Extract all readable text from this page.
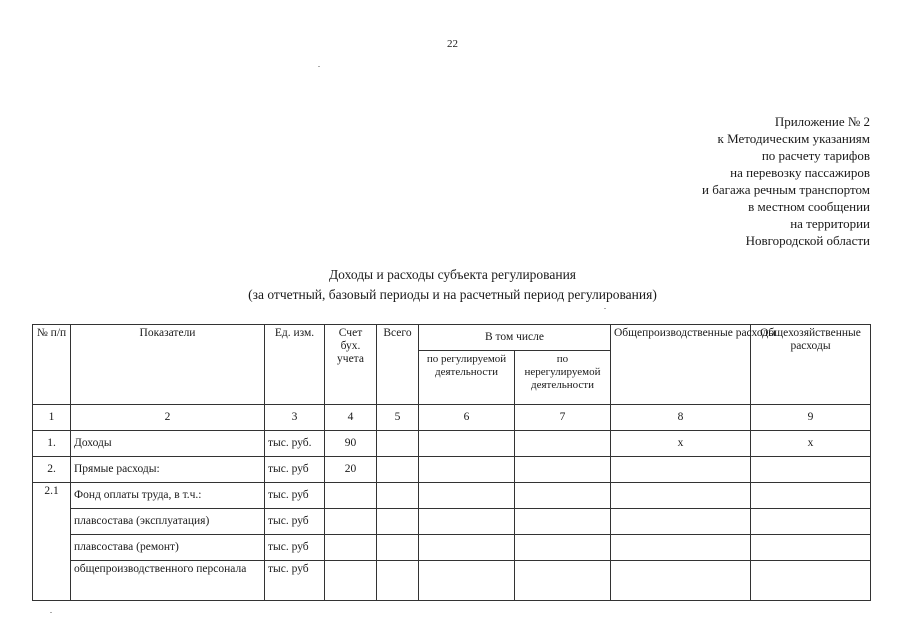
22
Приложение № 2
к Методическим указаниям
по расчету тарифов
на перевозку пассажиров
и багажа речным транспортом
в местном сообщении
на территории
Новгородской области
Доходы и расходы субъекта регулирования
(за отчетный, базовый периоды и на расчетный период регулирования)
№ п/п	Показатели	Ед. изм.	Счет бух. учета	Всего	В том числе		Общепроизводственные расходы	Общехозяйственные расходы
					по регулируемой деятельности	по нерегулируемой деятельности		
1	2	3	4	5	6	7	8	9
1.	Доходы	тыс. руб.	90				x	x
2.	Прямые расходы:	тыс. руб	20					
2.1	Фонд оплаты труда, в т.ч.:	тыс. руб						
	плавсостава (эксплуатация)	тыс. руб						
	плавсостава (ремонт)	тыс. руб						
	общепроизводственного персонала	тыс. руб						
